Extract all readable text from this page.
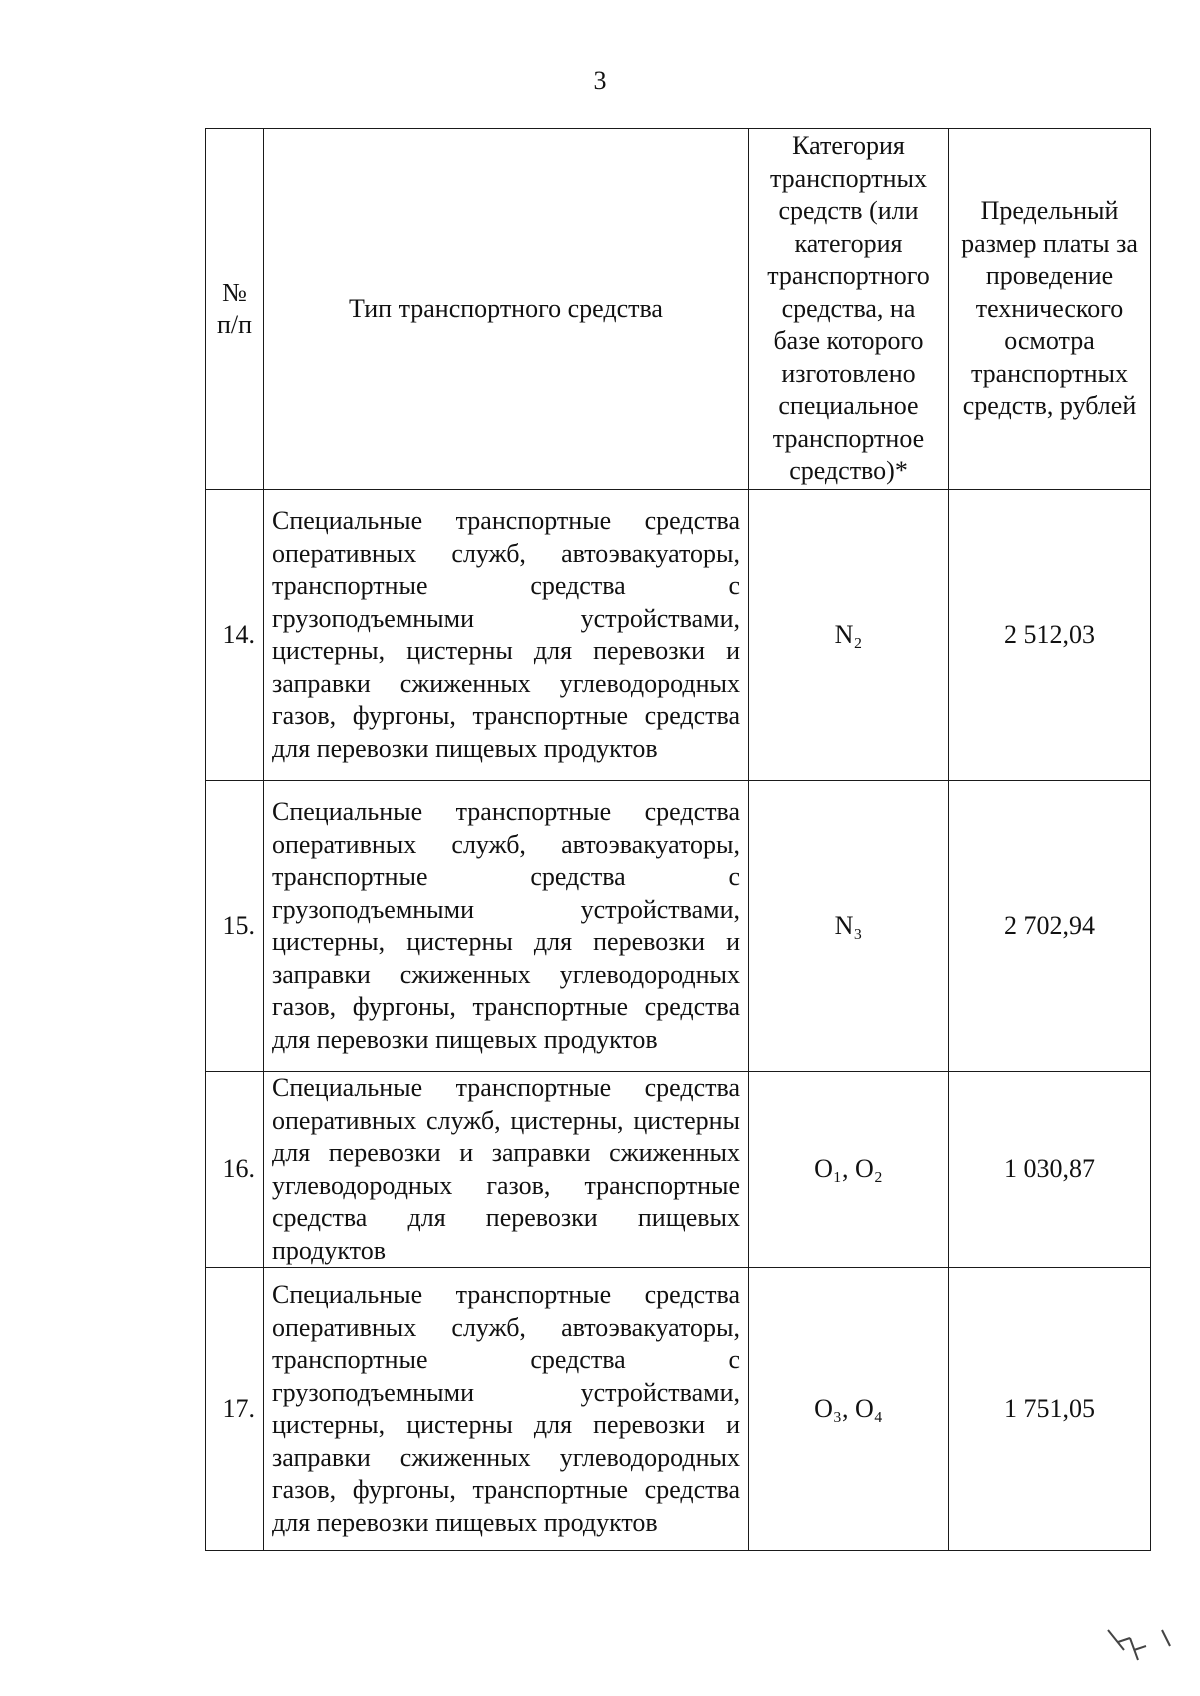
3
№ п/п	Тип транспортного средства	Категория транспортных средств (или категория транспортного средства, на базе которого изготовлено специальное транспортное средство)*	Предельный размер платы за проведение технического осмотра транспортных средств, рублей
14.	Специальные транспортные средства оперативных служб, автоэвакуаторы, транспортные средства с грузоподъемными устройствами, цистерны, цистерны для перевозки и заправки сжиженных углеводородных газов, фургоны, транспортные средства для перевозки пищевых продуктов	N₂	2 512,03
15.	Специальные транспортные средства оперативных служб, автоэвакуаторы, транспортные средства с грузоподъемными устройствами, цистерны, цистерны для перевозки и заправки сжиженных углеводородных газов, фургоны, транспортные средства для перевозки пищевых продуктов	N₃	2 702,94
16.	Специальные транспортные средства оперативных служб, цистерны, цистерны для перевозки и заправки сжиженных углеводородных газов, транспортные средства для перевозки пищевых продуктов	O₁, O₂	1 030,87
17.	Специальные транспортные средства оперативных служб, автоэвакуаторы, транспортные средства с грузоподъемными устройствами, цистерны, цистерны для перевозки и заправки сжиженных углеводородных газов, фургоны, транспортные средства для перевозки пищевых продуктов	O₃, O₄	1 751,05
